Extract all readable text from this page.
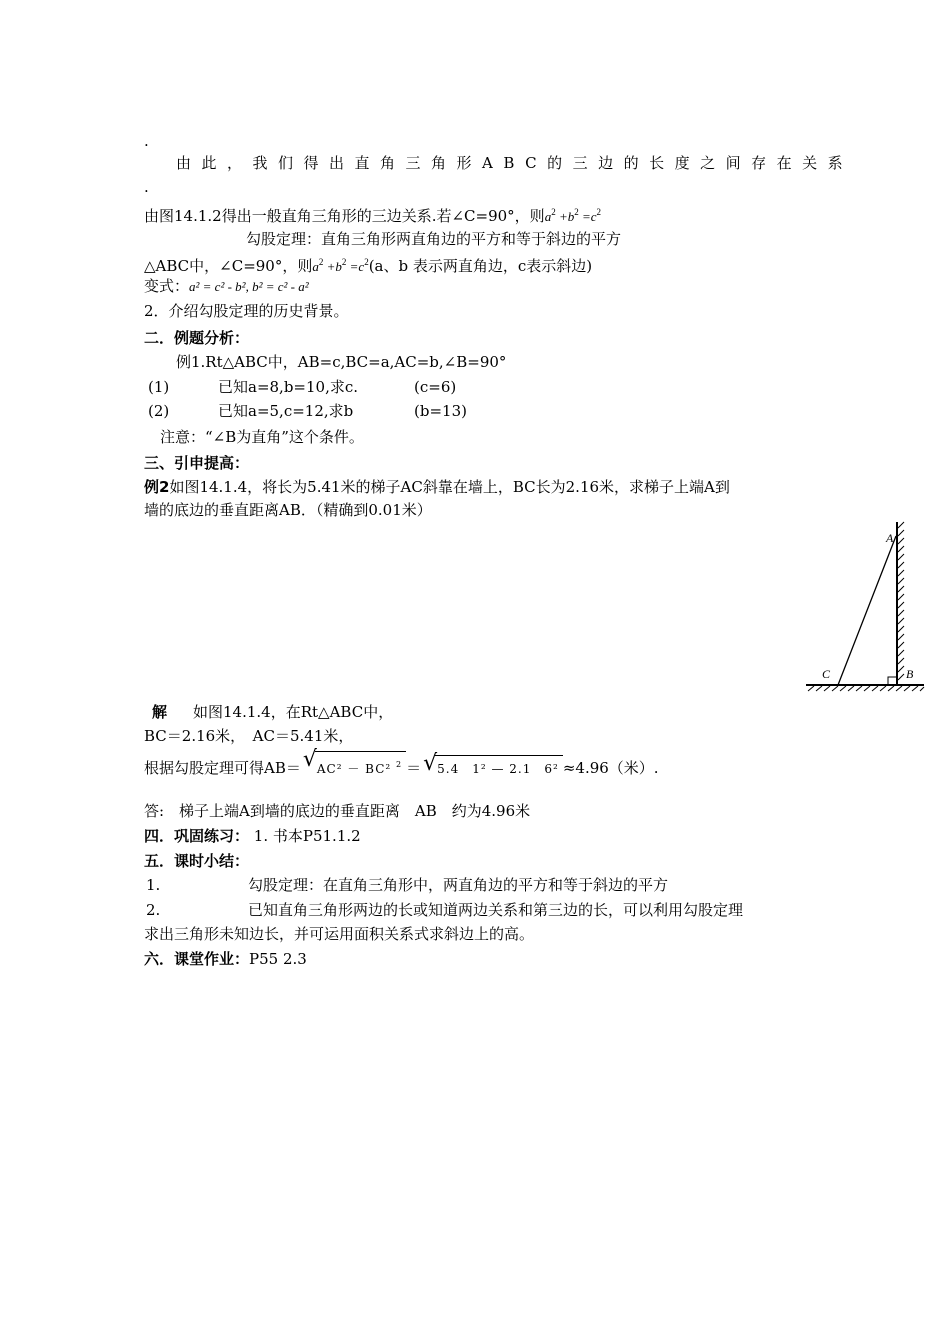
.
由此，我们得出直角三角形ABC的三边的长度之间存在关系
.
由图14.1.2得出一般直角三角形的三边关系.若∠C=90°，则$a^2 +b^2 =c^2$
勾股定理：直角三角形两直角边的平方和等于斜边的平方
△ABC中，∠C=90°，则$a^2 +b^2 =c^2(a$、b 表示两直角边，c表示斜边)
变式：a² = c² - b², b² = c² - a²
2．介绍勾股定理的历史背景。
二．例题分析：
例1.Rt△ABC中，AB=c,BC=a,AC=b,∠B=90°
(1)	已知a=8,b=10,求c.	(c=6)
(2)	已知a=5,c=12,求b	(b=13)
注意：“∠B为直角”这个条件。
三、引申提高：
例2如图14.1.4，将长为5.41米的梯子AC斜靠在墙上，BC长为2.16米，求梯子上端A到
墙的底边的垂直距离AB．（精确到0.01米）
A
C	B
解 如图14.1.4，在Rt△ABC中，
BC＝2.16米，　AC＝5.41米，
根据勾股定理可得AB＝ √ AC² － BC² $^2$ ＝ √ 5.4　1² — 2.1　6² ≈4.96（米）.
答:　梯子上端A到墙的底边的垂直距离　AB　约为4.96米
四．巩固练习： 1. 书本P51.1.2
五．课时小结：
1.	勾股定理：在直角三角形中，两直角边的平方和等于斜边的平方
2.	已知直角三角形两边的长或知道两边关系和第三边的长，可以利用勾股定理
求出三角形未知边长，并可运用面积关系式求斜边上的高。
六．课堂作业：P55 2.3
